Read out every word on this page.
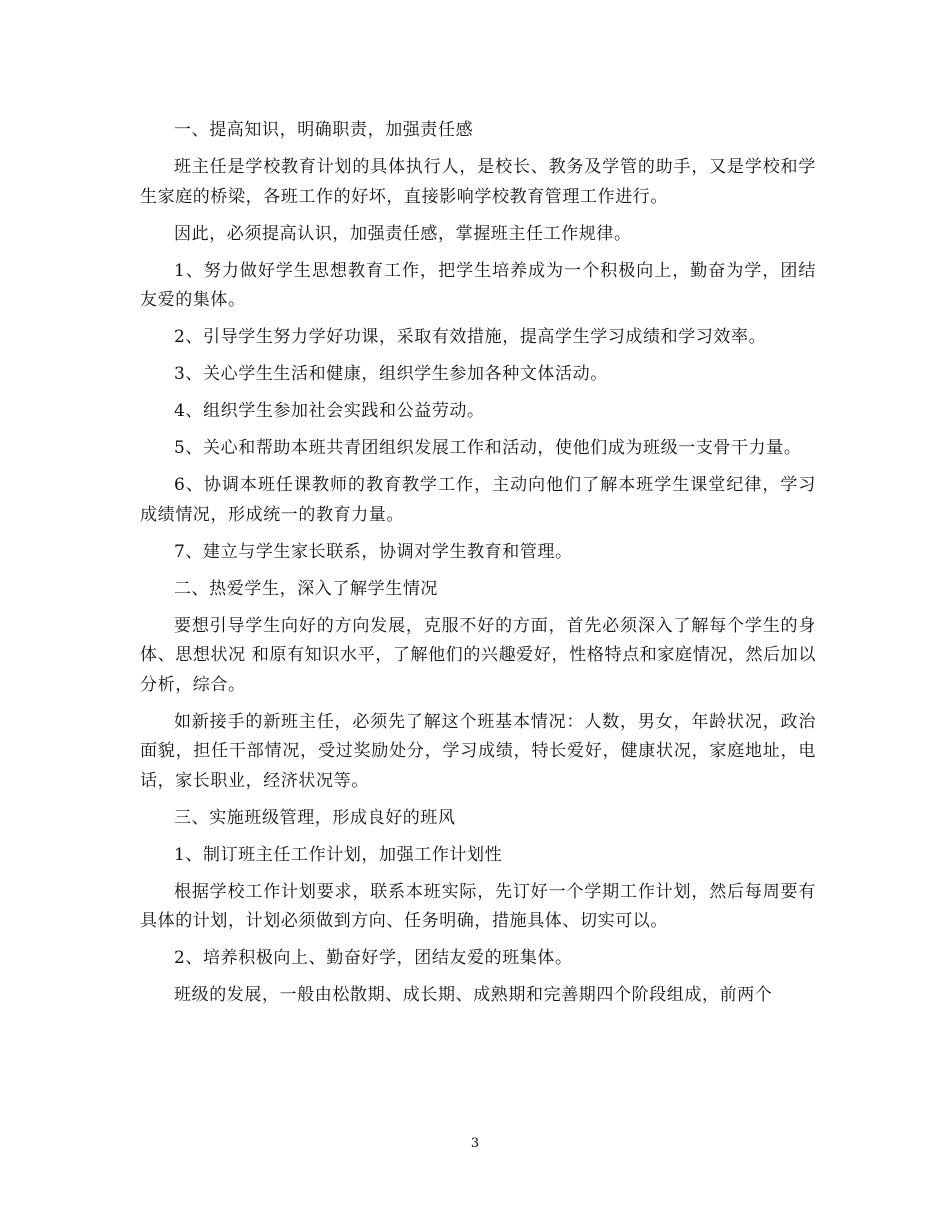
一、提高知识，明确职责，加强责任感

班主任是学校教育计划的具体执行人，是校长、教务及学管的助手，又是学校和学生家庭的桥梁，各班工作的好坏，直接影响学校教育管理工作进行。

因此，必须提高认识，加强责任感，掌握班主任工作规律。

1、努力做好学生思想教育工作，把学生培养成为一个积极向上，勤奋为学，团结友爱的集体。

2、引导学生努力学好功课，采取有效措施，提高学生学习成绩和学习效率。

3、关心学生生活和健康，组织学生参加各种文体活动。

4、组织学生参加社会实践和公益劳动。

5、关心和帮助本班共青团组织发展工作和活动，使他们成为班级一支骨干力量。

6、协调本班任课教师的教育教学工作，主动向他们了解本班学生课堂纪律，学习成绩情况，形成统一的教育力量。

7、建立与学生家长联系，协调对学生教育和管理。

二、热爱学生，深入了解学生情况

要想引导学生向好的方向发展，克服不好的方面，首先必须深入了解每个学生的身体、思想状况 和原有知识水平，了解他们的兴趣爱好，性格特点和家庭情况，然后加以分析，综合。

如新接手的新班主任，必须先了解这个班基本情况：人数，男女，年龄状况，政治面貌，担任干部情况，受过奖励处分，学习成绩，特长爱好，健康状况，家庭地址，电话，家长职业，经济状况等。

三、实施班级管理，形成良好的班风

1、制订班主任工作计划，加强工作计划性

根据学校工作计划要求，联系本班实际，先订好一个学期工作计划，然后每周要有具体的计划，计划必须做到方向、任务明确，措施具体、切实可以。

2、培养积极向上、勤奋好学，团结友爱的班集体。

班级的发展，一般由松散期、成长期、成熟期和完善期四个阶段组成，前两个

3
